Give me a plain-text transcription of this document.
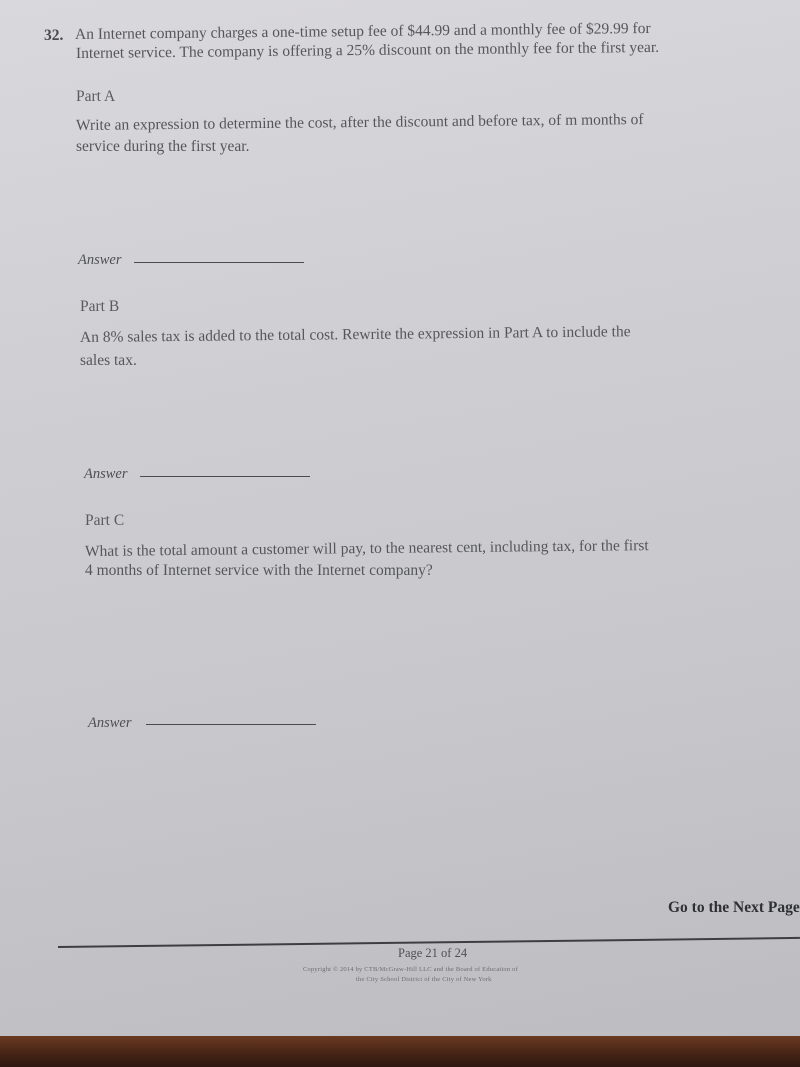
32. An Internet company charges a one-time setup fee of $44.99 and a monthly fee of $29.99 for
Internet service. The company is offering a 25% discount on the monthly fee for the first year.
Part A
Write an expression to determine the cost, after the discount and before tax, of m months of
service during the first year.
Answer
Part B
An 8% sales tax is added to the total cost. Rewrite the expression in Part A to include the
sales tax.
Answer
Part C
What is the total amount a customer will pay, to the nearest cent, including tax, for the first
4 months of Internet service with the Internet company?
Answer
Go to the Next Page
Page 21 of 24
Copyright © 2014 by CTB/McGraw-Hill LLC and the Board of Education of
the City School District of the City of New York
